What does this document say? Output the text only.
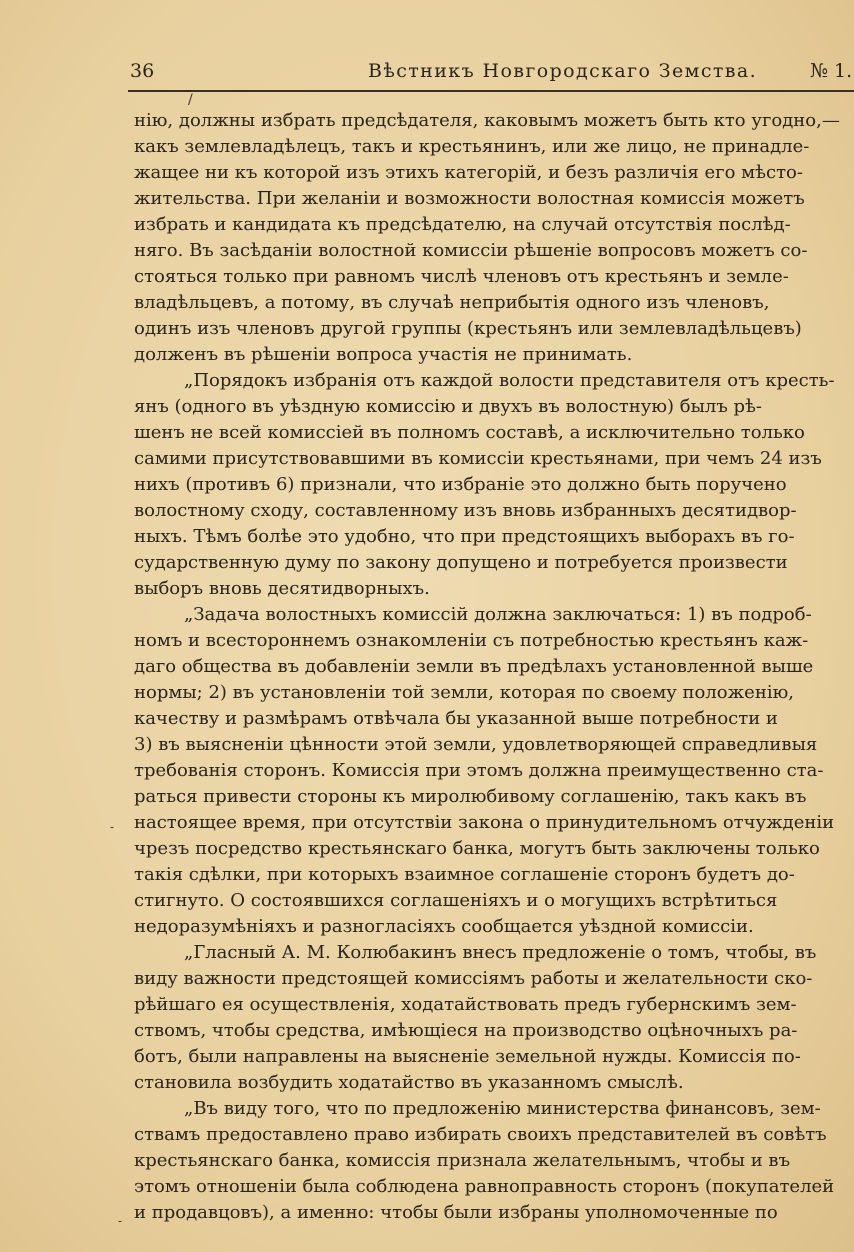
36	Вѣстникъ Новгородскаго Земства.	№ 1.

нію, должны избрать предсѣдателя, каковымъ можетъ быть кто угодно,—
какъ землевладѣлецъ, такъ и крестьянинъ, или же лицо, не принадле-
жащее ни къ которой изъ этихъ категорій, и безъ различія его мѣсто-
жительства. При желаніи и возможности волостная комиссія можетъ
избрать и кандидата къ предсѣдателю, на случай отсутствія послѣд-
няго. Въ засѣданіи волостной комиссіи рѣшеніе вопросовъ можетъ со-
стояться только при равномъ числѣ членовъ отъ крестьянъ и земле-
владѣльцевъ, а потому, въ случаѣ неприбытія одного изъ членовъ,
одинъ изъ членовъ другой группы (крестьянъ или землевладѣльцевъ)
долженъ въ рѣшеніи вопроса участія не принимать.

„Порядокъ избранія отъ каждой волости представителя отъ кресть-
янъ (одного въ уѣздную комиссію и двухъ въ волостную) былъ рѣ-
шенъ не всей комиссіей въ полномъ составѣ, а исключительно только
самими присутствовавшими въ комиссіи крестьянами, при чемъ 24 изъ
нихъ (противъ 6) признали, что избраніе это должно быть поручено
волостному сходу, составленному изъ вновь избранныхъ десятидвор-
ныхъ. Тѣмъ болѣе это удобно, что при предстоящихъ выборахъ въ го-
сударственную думу по закону допущено и потребуется произвести
выборъ вновь десятидворныхъ.

„Задача волостныхъ комиссій должна заключаться: 1) въ подроб-
номъ и всестороннемъ ознакомленіи съ потребностью крестьянъ каж-
даго общества въ добавленіи земли въ предѣлахъ установленной выше
нормы; 2) въ установленіи той земли, которая по своему положенію,
качеству и размѣрамъ отвѣчала бы указанной выше потребности и
3) въ выясненіи цѣнности этой земли, удовлетворяющей справедливыя
требованія сторонъ. Комиссія при этомъ должна преимущественно ста-
раться привести стороны къ миролюбивому соглашенію, такъ какъ въ
настоящее время, при отсутствіи закона о принудительномъ отчужденіи
чрезъ посредство крестьянскаго банка, могутъ быть заключены только
такія сдѣлки, при которыхъ взаимное соглашеніе сторонъ будетъ до-
стигнуто. О состоявшихся соглашеніяхъ и о могущихъ встрѣтиться
недоразумѣніяхъ и разногласіяхъ сообщается уѣздной комиссіи.

„Гласный А. М. Колюбакинъ внесъ предложеніе о томъ, чтобы, въ
виду важности предстоящей комиссіямъ работы и желательности ско-
рѣйшаго ея осуществленія, ходатайствовать предъ губернскимъ зем-
ствомъ, чтобы средства, имѣющіеся на производство оцѣночныхъ ра-
ботъ, были направлены на выясненіе земельной нужды. Комиссія по-
становила возбудить ходатайство въ указанномъ смыслѣ.

„Въ виду того, что по предложенію министерства финансовъ, зем-
ствамъ предоставлено право избирать своихъ представителей въ совѣтъ
крестьянскаго банка, комиссія признала желательнымъ, чтобы и въ
этомъ отношеніи была соблюдена равноправность сторонъ (покупателей
и продавцовъ), а именно: чтобы были избраны уполномоченные по

/
-
-
